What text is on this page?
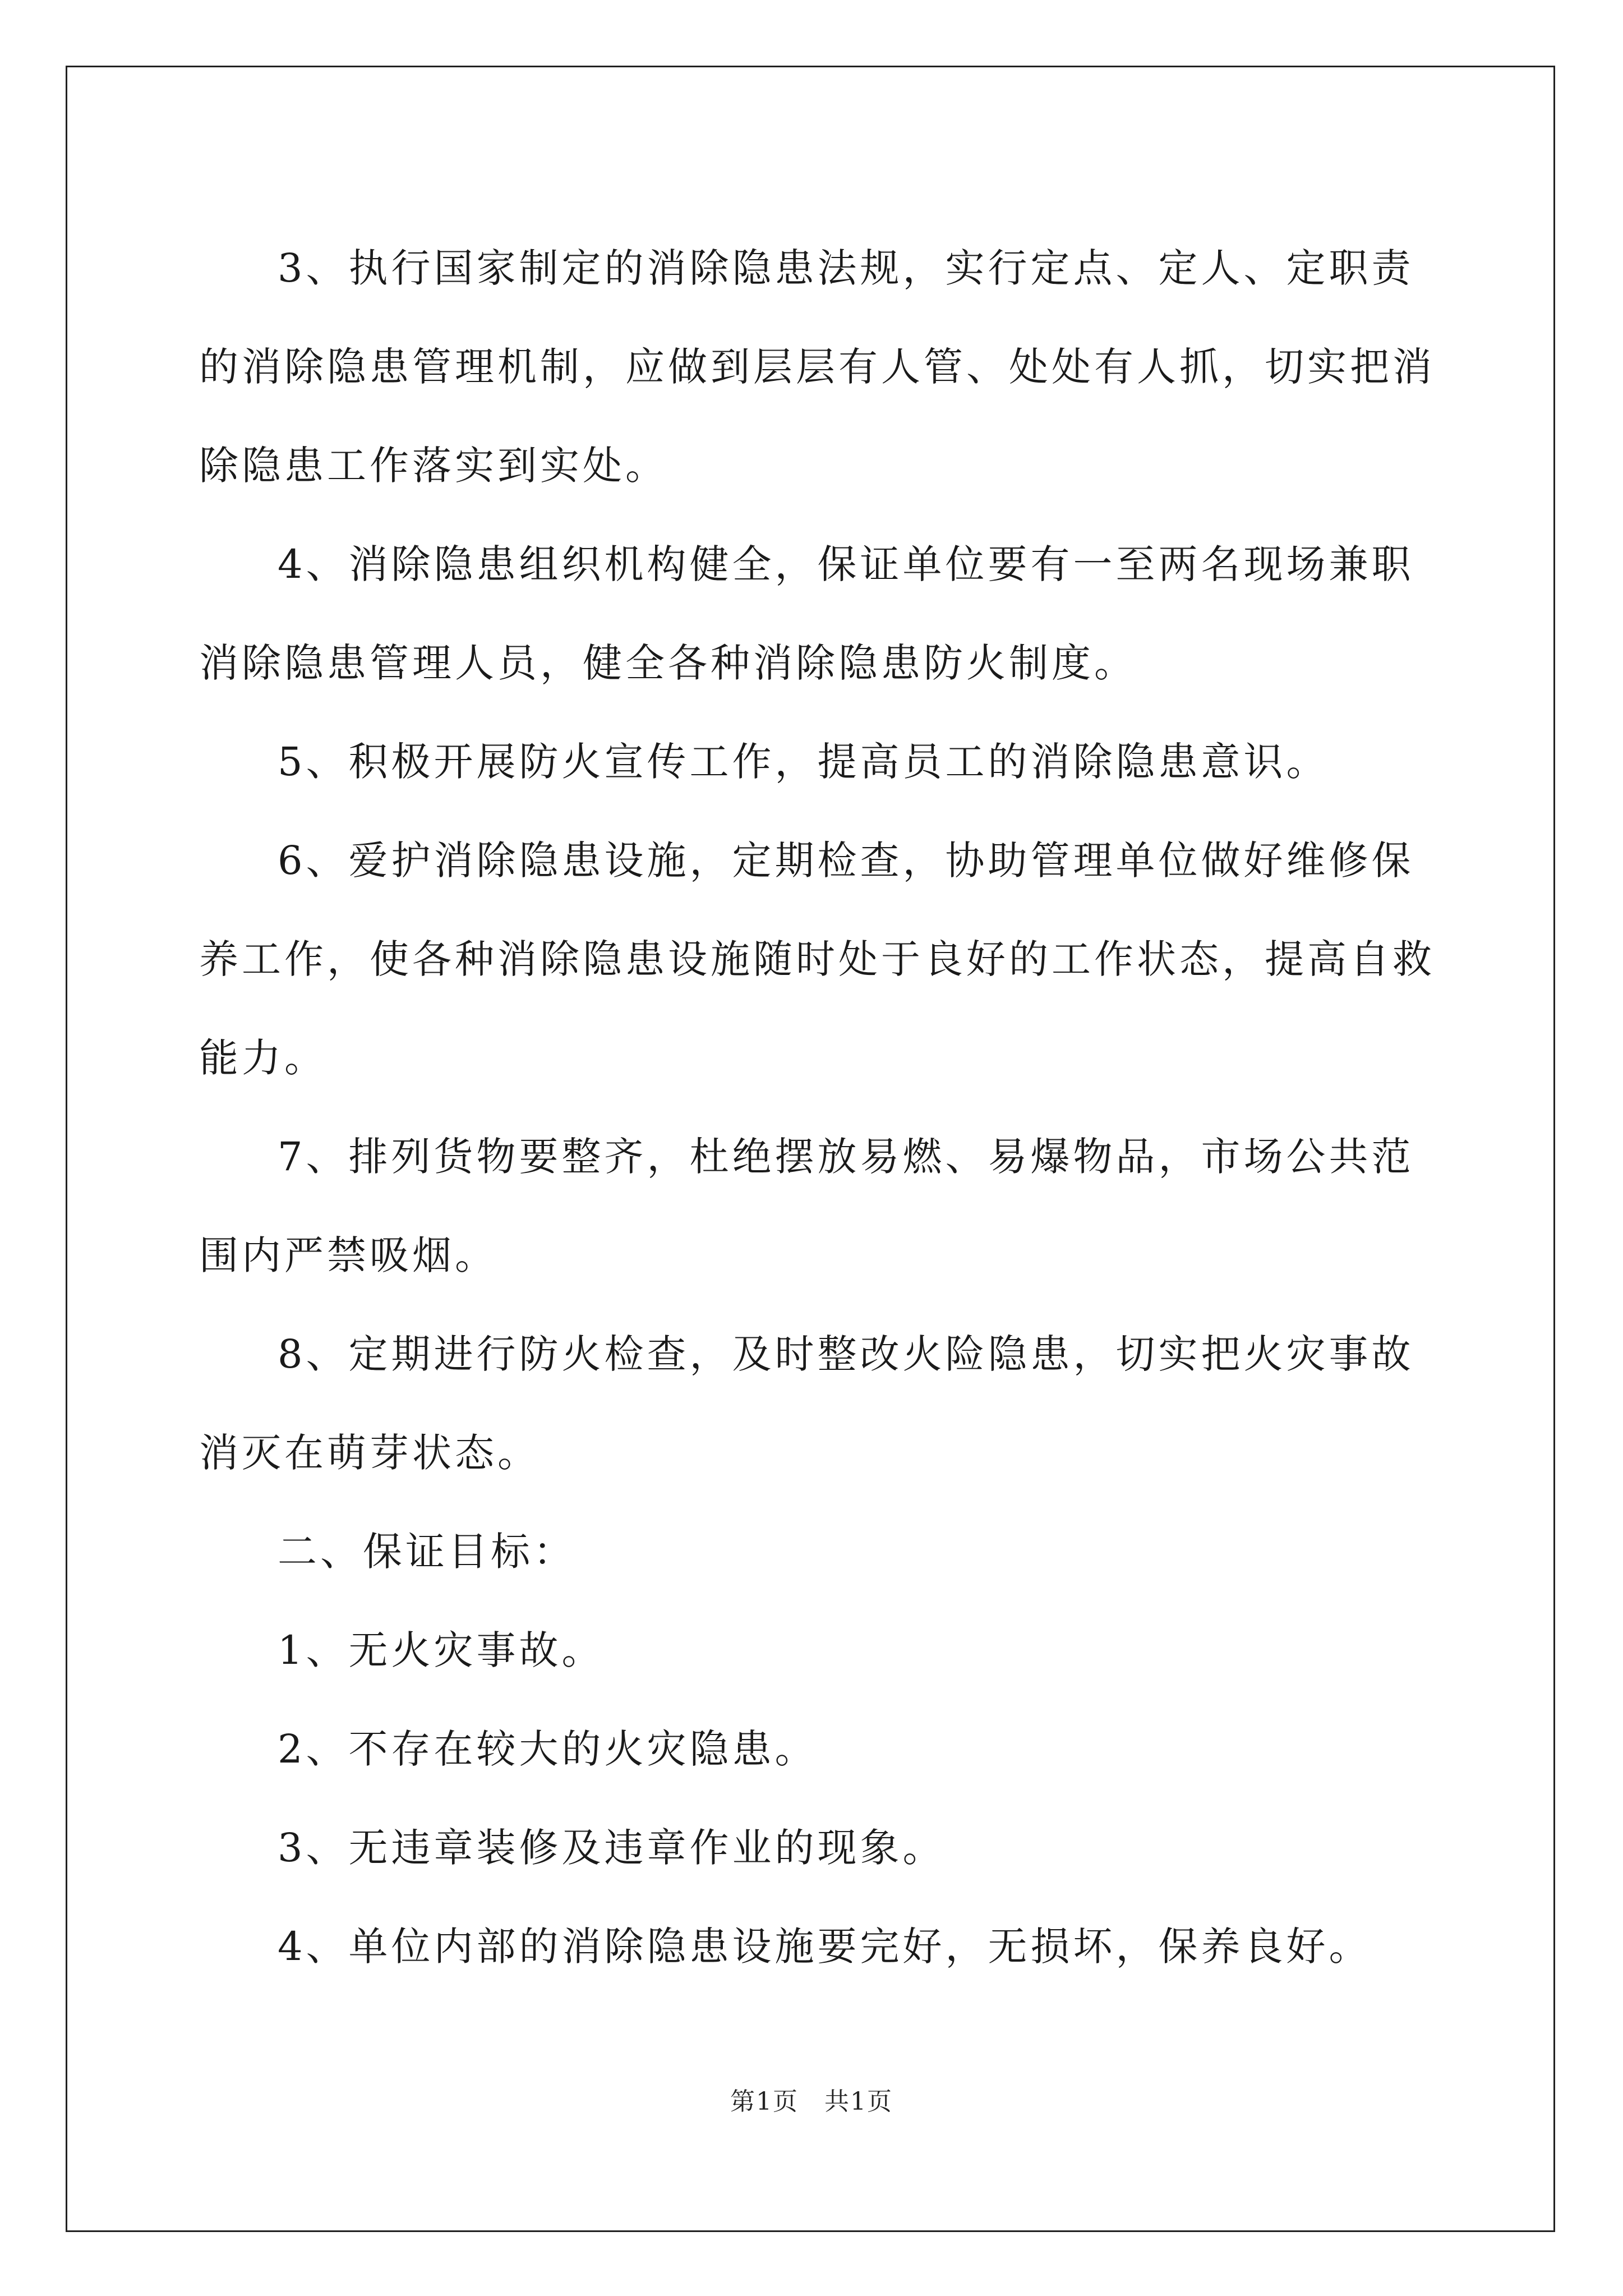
3、执行国家制定的消除隐患法规，实行定点、定人、定职责的消除隐患管理机制，应做到层层有人管、处处有人抓，切实把消除隐患工作落实到实处。

4、消除隐患组织机构健全，保证单位要有一至两名现场兼职消除隐患管理人员，健全各种消除隐患防火制度。

5、积极开展防火宣传工作，提高员工的消除隐患意识。

6、爱护消除隐患设施，定期检查，协助管理单位做好维修保养工作，使各种消除隐患设施随时处于良好的工作状态，提高自救能力。

7、排列货物要整齐，杜绝摆放易燃、易爆物品，市场公共范围内严禁吸烟。

8、定期进行防火检查，及时整改火险隐患，切实把火灾事故消灭在萌芽状态。

二、保证目标：

1、无火灾事故。

2、不存在较大的火灾隐患。

3、无违章装修及违章作业的现象。

4、单位内部的消除隐患设施要完好，无损坏，保养良好。

第1页　共1页
